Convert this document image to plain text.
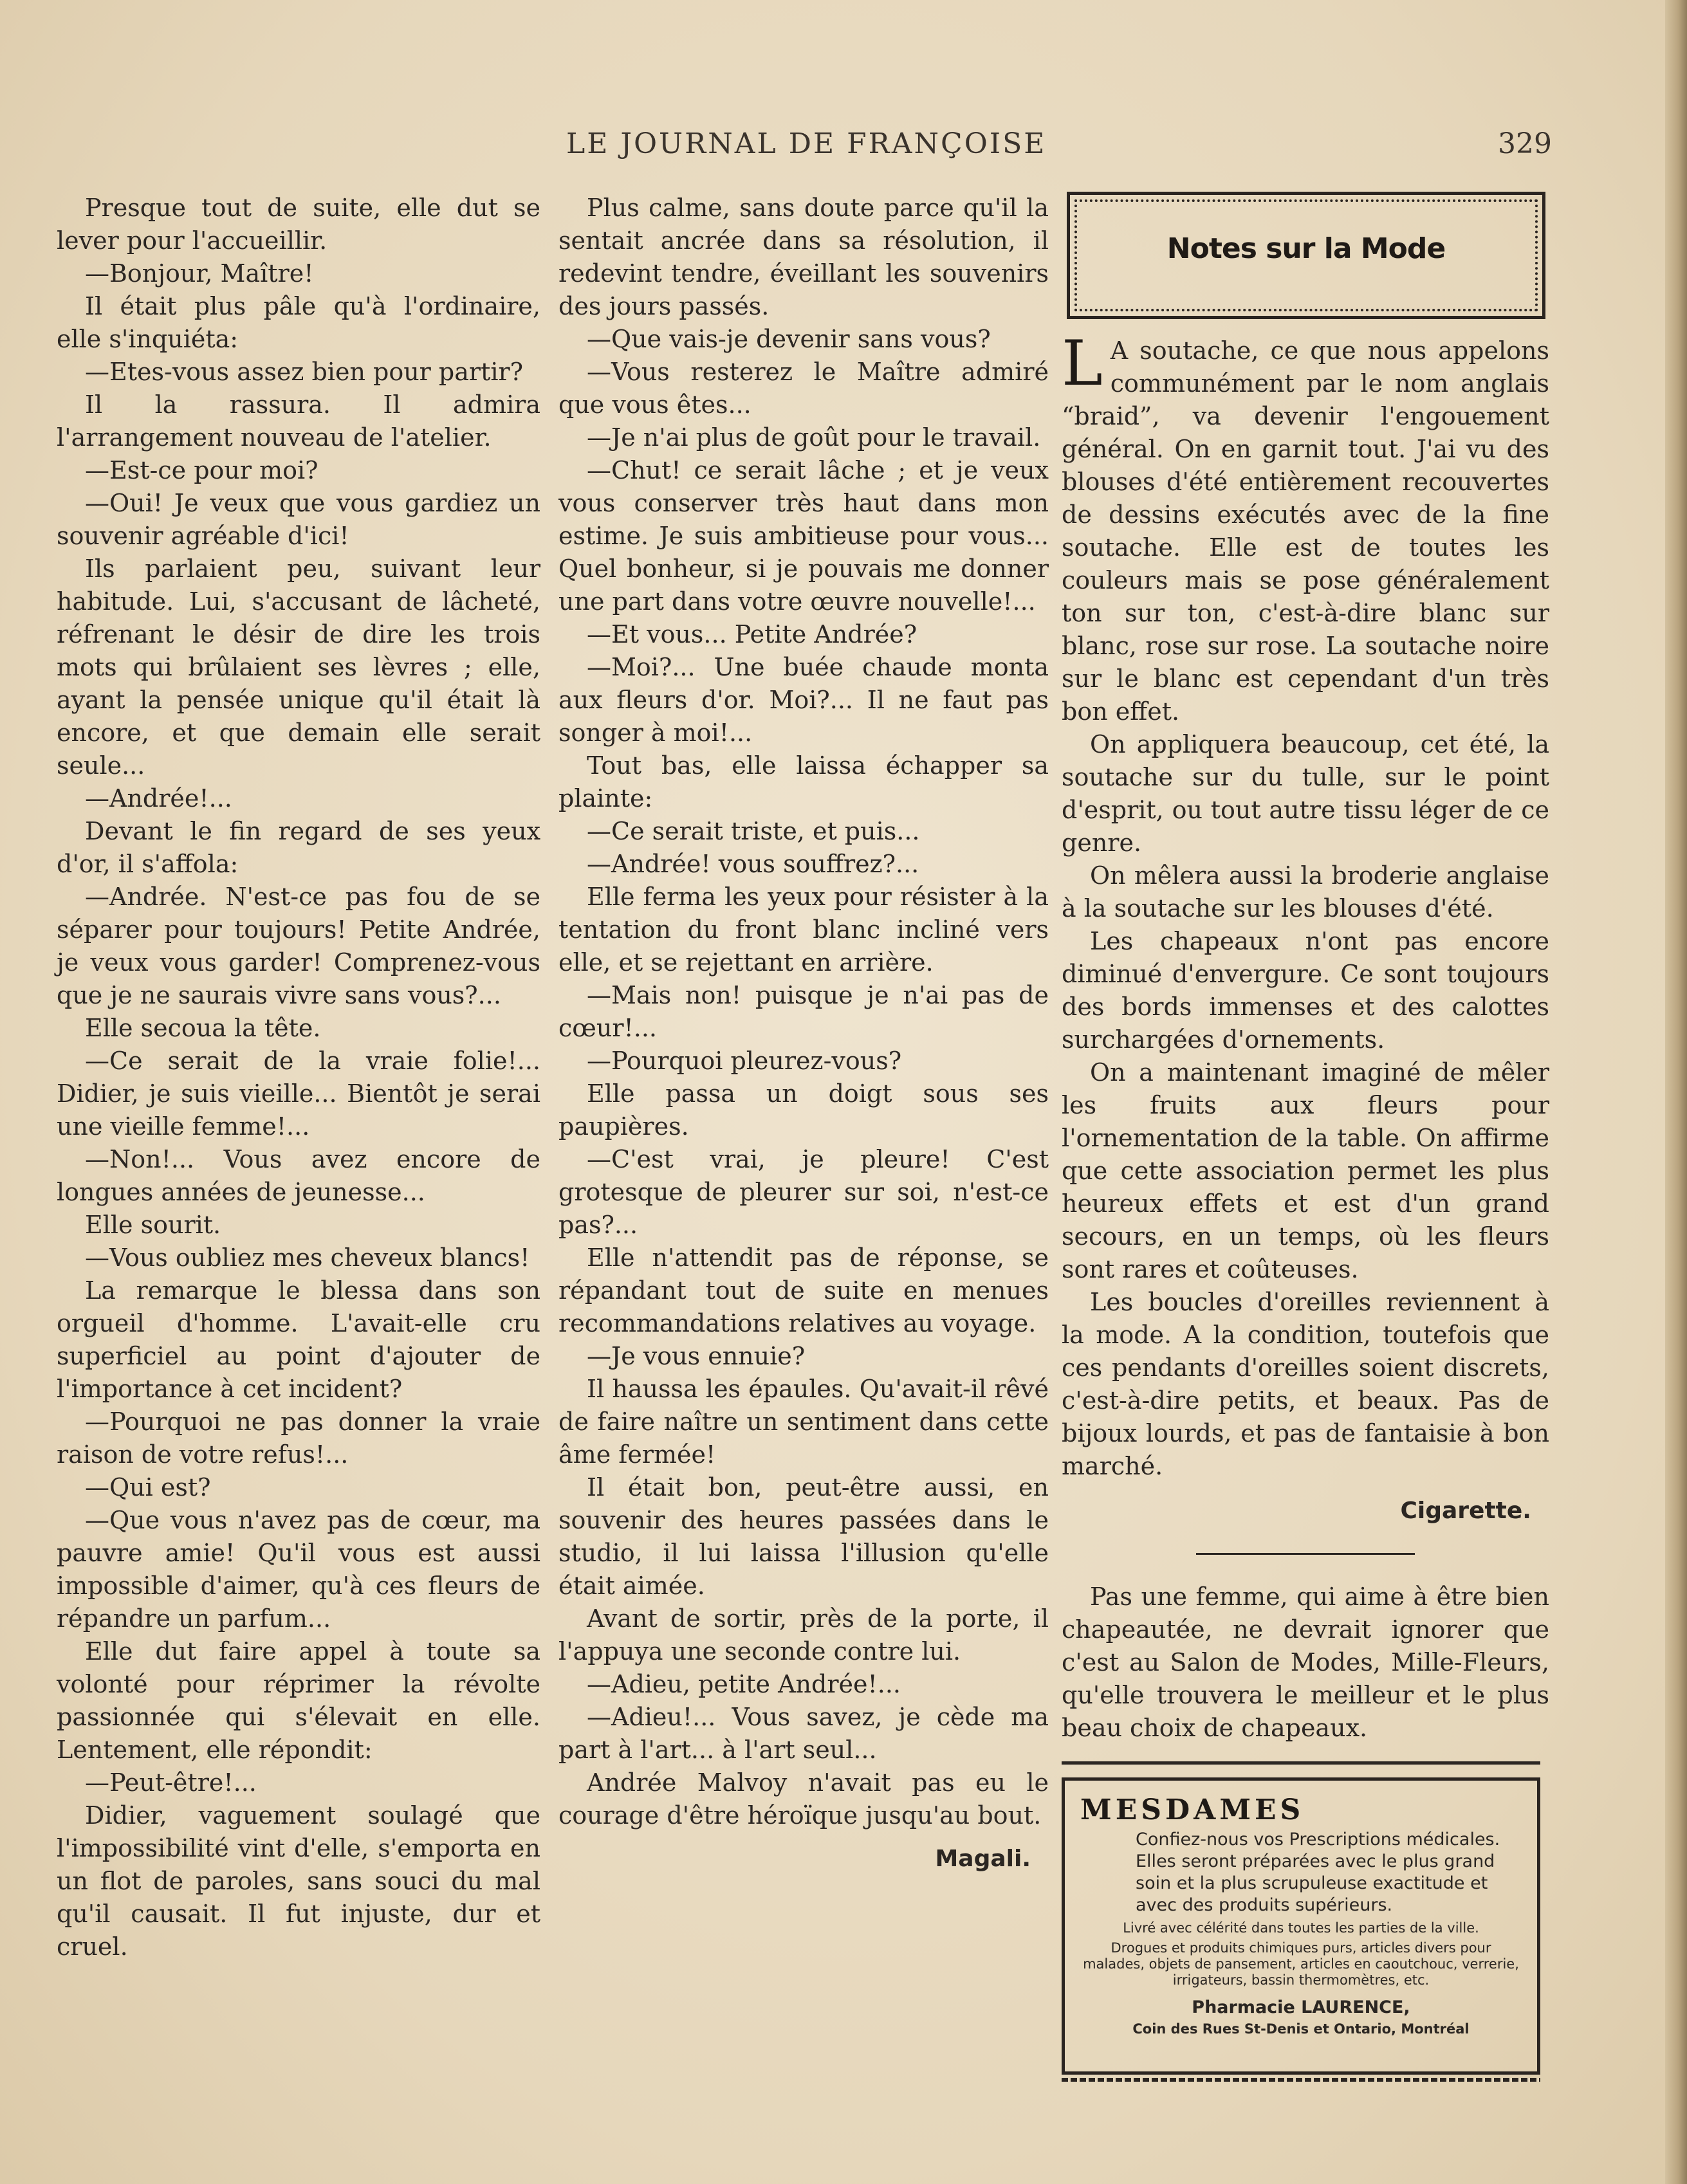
LE JOURNAL DE FRANÇOISE	329

Presque tout de suite, elle dut se lever pour l'accueillir.

—Bonjour, Maître!

Il était plus pâle qu'à l'ordinaire, elle s'inquiéta:

—Etes-vous assez bien pour partir?

Il la rassura. Il admira l'arrangement nouveau de l'atelier.

—Est-ce pour moi?

—Oui! Je veux que vous gardiez un souvenir agréable d'ici!

Ils parlaient peu, suivant leur habitude. Lui, s'accusant de lâcheté, réfrenant le désir de dire les trois mots qui brûlaient ses lèvres ; elle, ayant la pensée unique qu'il était là encore, et que demain elle serait seule...

—Andrée!...

Devant le fin regard de ses yeux d'or, il s'affola:

—Andrée. N'est-ce pas fou de se séparer pour toujours! Petite Andrée, je veux vous garder! Comprenez-vous que je ne saurais vivre sans vous?...

Elle secoua la tête.

—Ce serait de la vraie folie!... Didier, je suis vieille... Bientôt je serai une vieille femme!...

—Non!... Vous avez encore de longues années de jeunesse...

Elle sourit.

—Vous oubliez mes cheveux blancs!

La remarque le blessa dans son orgueil d'homme. L'avait-elle cru superficiel au point d'ajouter de l'importance à cet incident?

—Pourquoi ne pas donner la vraie raison de votre refus!...

—Qui est?

—Que vous n'avez pas de cœur, ma pauvre amie! Qu'il vous est aussi impossible d'aimer, qu'à ces fleurs de répandre un parfum...

Elle dut faire appel à toute sa volonté pour réprimer la révolte passionnée qui s'élevait en elle. Lentement, elle répondit:

—Peut-être!...

Didier, vaguement soulagé que l'impossibilité vint d'elle, s'emporta en un flot de paroles, sans souci du mal qu'il causait. Il fut injuste, dur et cruel.

Plus calme, sans doute parce qu'il la sentait ancrée dans sa résolution, il redevint tendre, éveillant les souvenirs des jours passés.

—Que vais-je devenir sans vous?

—Vous resterez le Maître admiré que vous êtes...

—Je n'ai plus de goût pour le travail.

—Chut! ce serait lâche ; et je veux vous conserver très haut dans mon estime. Je suis ambitieuse pour vous... Quel bonheur, si je pouvais me donner une part dans votre œuvre nouvelle!...

—Et vous... Petite Andrée?

—Moi?... Une buée chaude monta aux fleurs d'or. Moi?... Il ne faut pas songer à moi!...

Tout bas, elle laissa échapper sa plainte:

—Ce serait triste, et puis...

—Andrée! vous souffrez?...

Elle ferma les yeux pour résister à la tentation du front blanc incliné vers elle, et se rejettant en arrière.

—Mais non! puisque je n'ai pas de cœur!...

—Pourquoi pleurez-vous?

Elle passa un doigt sous ses paupières.

—C'est vrai, je pleure! C'est grotesque de pleurer sur soi, n'est-ce pas?...

Elle n'attendit pas de réponse, se répandant tout de suite en menues recommandations relatives au voyage.

—Je vous ennuie?

Il haussa les épaules. Qu'avait-il rêvé de faire naître un sentiment dans cette âme fermée!

Il était bon, peut-être aussi, en souvenir des heures passées dans le studio, il lui laissa l'illusion qu'elle était aimée.

Avant de sortir, près de la porte, il l'appuya une seconde contre lui.

—Adieu, petite Andrée!...

—Adieu!... Vous savez, je cède ma part à l'art... à l'art seul...

Andrée Malvoy n'avait pas eu le courage d'être héroïque jusqu'au bout.

Magali.
Notes sur la Mode

L A soutache, ce que nous appelons communément par le nom anglais “braid”, va devenir l'engouement général. On en garnit tout. J'ai vu des blouses d'été entièrement recouvertes de dessins exécutés avec de la fine soutache. Elle est de toutes les couleurs mais se pose généralement ton sur ton, c'est-à-dire blanc sur blanc, rose sur rose. La soutache noire sur le blanc est cependant d'un très bon effet.

On appliquera beaucoup, cet été, la soutache sur du tulle, sur le point d'esprit, ou tout autre tissu léger de ce genre.

On mêlera aussi la broderie anglaise à la soutache sur les blouses d'été.

Les chapeaux n'ont pas encore diminué d'envergure. Ce sont toujours des bords immenses et des calottes surchargées d'ornements.

On a maintenant imaginé de mêler les fruits aux fleurs pour l'ornementation de la table. On affirme que cette association permet les plus heureux effets et est d'un grand secours, en un temps, où les fleurs sont rares et coûteuses.

Les boucles d'oreilles reviennent à la mode. A la condition, toutefois que ces pendants d'oreilles soient discrets, c'est-à-dire petits, et beaux. Pas de bijoux lourds, et pas de fantaisie à bon marché.

Cigarette.

Pas une femme, qui aime à être bien chapeautée, ne devrait ignorer que c'est au Salon de Modes, Mille-Fleurs, qu'elle trouvera le meilleur et le plus beau choix de chapeaux.

MESDAMES
Confiez-nous vos Prescriptions médicales. Elles seront préparées avec le plus grand soin et la plus scrupuleuse exactitude et avec des produits supérieurs.
Livré avec célérité dans toutes les parties de la ville.
Drogues et produits chimiques purs, articles divers pour malades, objets de pansement, articles en caoutchouc, verrerie, irrigateurs, bassin thermomètres, etc.
Pharmacie LAURENCE,
Coin des Rues St-Denis et Ontario, Montréal
